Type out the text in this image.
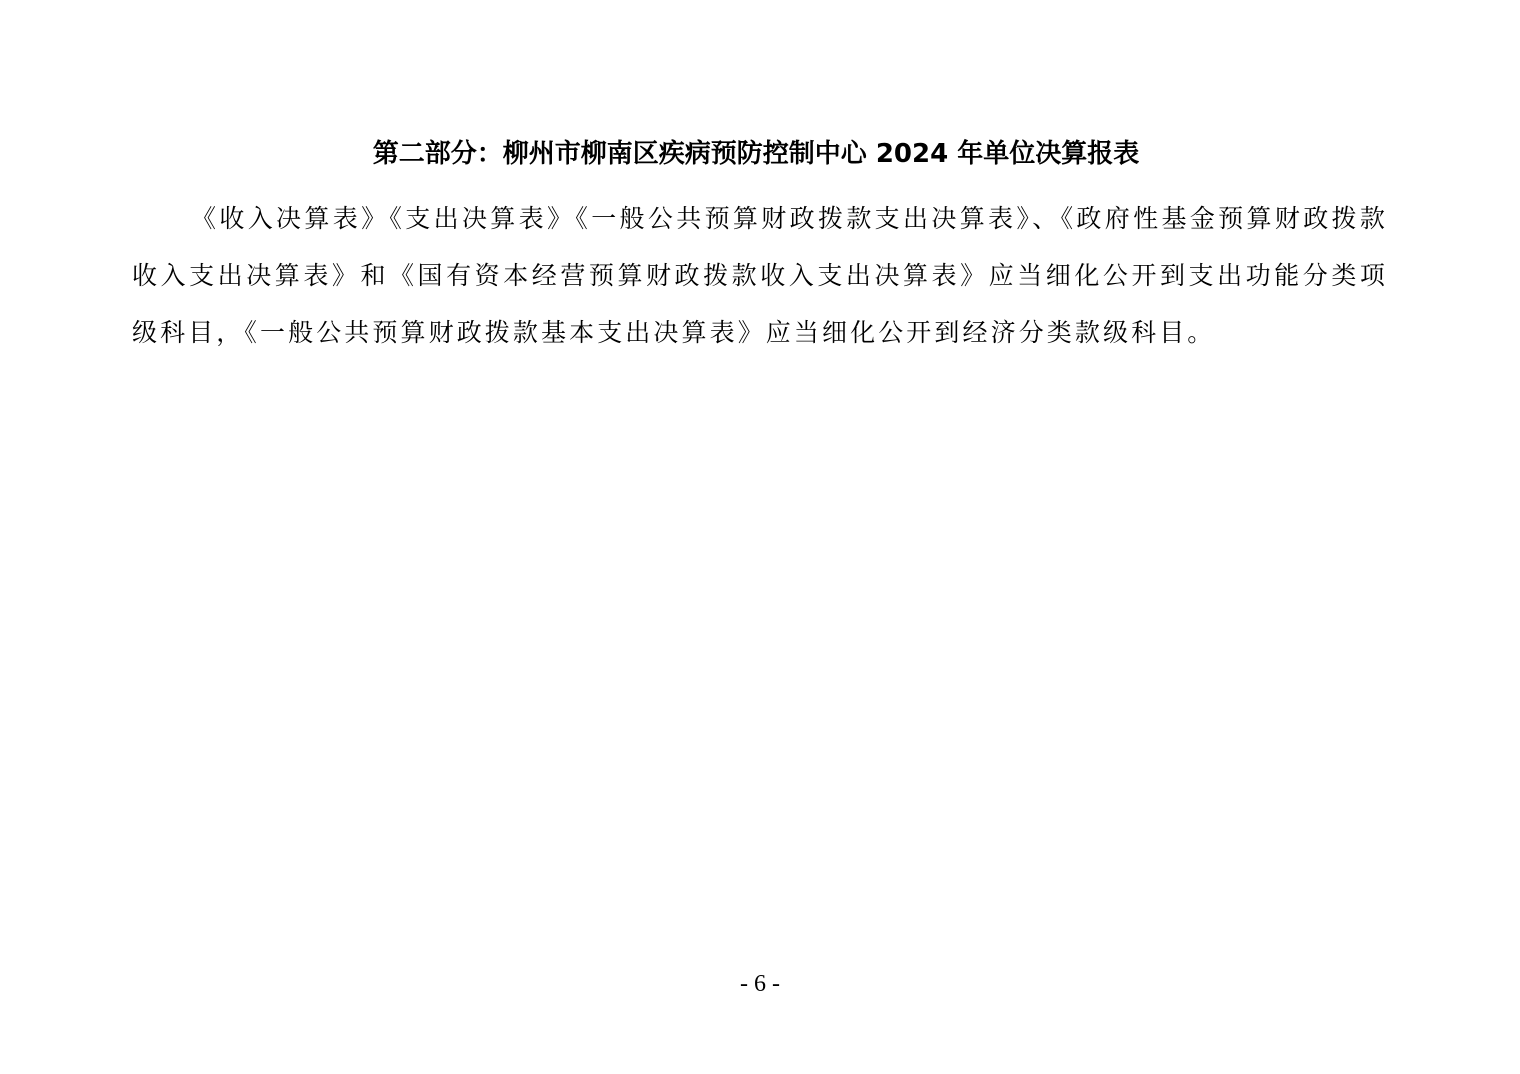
第二部分：柳州市柳南区疾病预防控制中心 2024 年单位决算报表

《收入决算表》《支出决算表》《一般公共预算财政拨款支出决算表》、《政府性基金预算财政拨款收入支出决算表》和《国有资本经营预算财政拨款收入支出决算表》应当细化公开到支出功能分类项级科目，《一般公共预算财政拨款基本支出决算表》应当细化公开到经济分类款级科目。

- 6 -
